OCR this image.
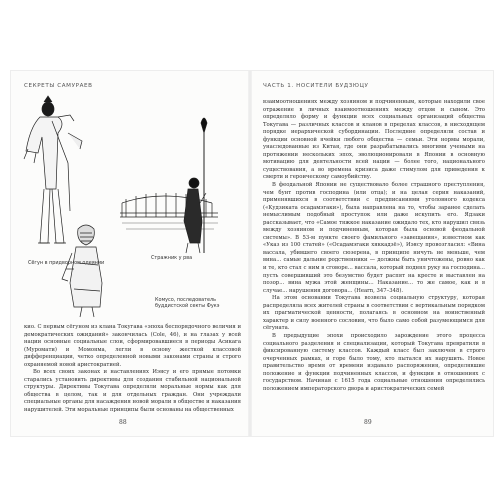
СЕКРЕТЫ САМУРАЕВ
Сёгун в придворном одеянии
Стражник у рва
Комусо, последователь буддистской секты Фукэ

кио. С первым сёгуном из клана Токугава «эпоха беспорядочного величия и демократических ожиданий» закончилась (Cole, 46), и на глазах у всей нации основные социальные слои, сформировавшиеся в периоды Асикага (Муромати) и Момояма, легли в основу жесткой классовой дифференциации, четко определенной новыми законами страны и строго охраняемой новой аристократией.

Во всех своих законах и наставлениях Иэясу и его прямые потомки старались установить директивы для создания стабильной национальной структуры. Директивы Токугава определяли моральные нормы как для общества в целом, так и для отдельных граждан. Они учреждали специальные органы для насаждения новой морали в обществе и наказания нарушителей. Эти моральные принципы были основаны на общественных

88
ЧАСТЬ 1. НОСИТЕЛИ БУДЗЮЦУ

взаимоотношениях между хозяином и подчиненным, которые находили свое отражение в личных взаимоотношениях между отцом и сыном. Это определяло форму и функции всех социальных организаций общества Токугава — различных классов и кланов в пределах классов, в нисходящем порядке иерархической субординации. Последние определяли состав и функции основной ячейки любого общества — семьи. Эти нормы морали, унаследованные из Китая, где они разрабатывались многими учеными на протяжении нескольких эпох, эволюционировали в Японии в основную мотивацию для деятельности всей нации — более того, национального существования, а во времена кризиса даже стимулом для приведения к смерти и героическому самоубийству.

В феодальной Японии не существовало более страшного преступления, чем бунт против господина (или отца); и на целая серия наказаний, применявшихся в соответствии с предписаниями уголовного кодекса («Кудзиката осадамэгаки»), была направлена на то, чтобы заранее сделать немыслимым подобный проступок или даже искупить его. Ядзаки рассказывает, что «Самое тяжкое наказание ожидало тех, кто нарушил связь между хозяином и подчиненным, которая была основой феодальной системы». В 53-м пункте своего фамильного «завещания», известном как «Указ из 100 статей» («Осадамэгаки хяккадзё»), Иэясу провозгласил: «Вина вассала, убившего своего сюзерена, в принципе ничуть не меньше, чем вина... самые дальние родственники — должны быть уничтожены, ровно как и те, кто стал с ним в сговоре... вассала, который поднял руку на господина... пусть совершивший это безумство будет распят на кресте и выставлен на позор... вина мужа этой женщины... Наказание... то же самое, как и в случае... нарушения договора... (Hearn, 347–348).

На этом основании Токугава возвела социальную структуру, которая распределяла всех жителей страны в соответствии с вертикальным порядком их прагматической ценности, полагаясь в основном на воинственный характер и силу военного сословия, что было само собой разумеющимся для сёгуната.

В предыдущие эпохи происходило зарождение этого процесса социального разделения и специализации, который Токугава превратили в фиксированную систему классов. Каждый класс был заключен в строго очерченных рамках, и горе было тому, кто пытался их нарушить. Новое правительство время от времени издавало распоряжения, определявшие положение и функции подчиненных классов, и функции в отношениях с государством. Начиная с 1615 года социальные отношения определялись положением императорского двора и аристократических семей

89
